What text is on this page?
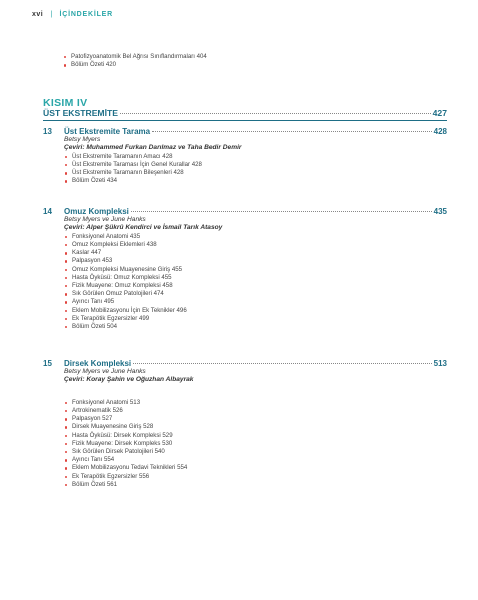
xvi | İÇİNDEKİLER
Patofizyoanatomik Bel Ağrısı Sınıflandırmaları 404
Bölüm Özeti 420
KISIM IV
ÜST EKSTREMİTE	427
13	Üst Ekstremite Tarama	428
Betsy Myers
Çeviri: Muhammed Furkan Darılmaz ve Taha Bedir Demir
Üst Ekstremite Taramanın Amacı 428
Üst Ekstremite Taraması İçin Genel Kurallar 428
Üst Ekstremite Taramanın Bileşenleri 428
Bölüm Özeti 434
14	Omuz Kompleksi	435
Betsy Myers ve June Hanks
Çeviri: Alper Şükrü Kendirci ve İsmail Tarık Atasoy
Fonksiyonel Anatomi 435
Omuz Kompleksi Eklemleri 438
Kaslar 447
Palpasyon 453
Omuz Kompleksi Muayenesine Giriş 455
Hasta Öyküsü: Omuz Kompleksi 455
Fizik Muayene: Omuz Kompleksi 458
Sık Görülen Omuz Patolojileri 474
Ayırıcı Tanı 495
Eklem Mobilizasyonu İçin Ek Teknikler 496
Ek Terapötik Egzersizler 499
Bölüm Özeti 504
15	Dirsek Kompleksi	513
Betsy Myers ve June Hanks
Çeviri: Koray Şahin ve Oğuzhan Albayrak
Fonksiyonel Anatomi 513
Artrokinematik 526
Palpasyon 527
Dirsek Muayenesine Giriş 528
Hasta Öyküsü: Dirsek Kompleksi 529
Fizik Muayene: Dirsek Kompleks 530
Sık Görülen Dirsek Patolojileri 540
Ayırıcı Tanı 554
Eklem Mobilizasyonu Tedavi Teknikleri 554
Ek Terapötik Egzersizler 556
Bölüm Özeti 561
